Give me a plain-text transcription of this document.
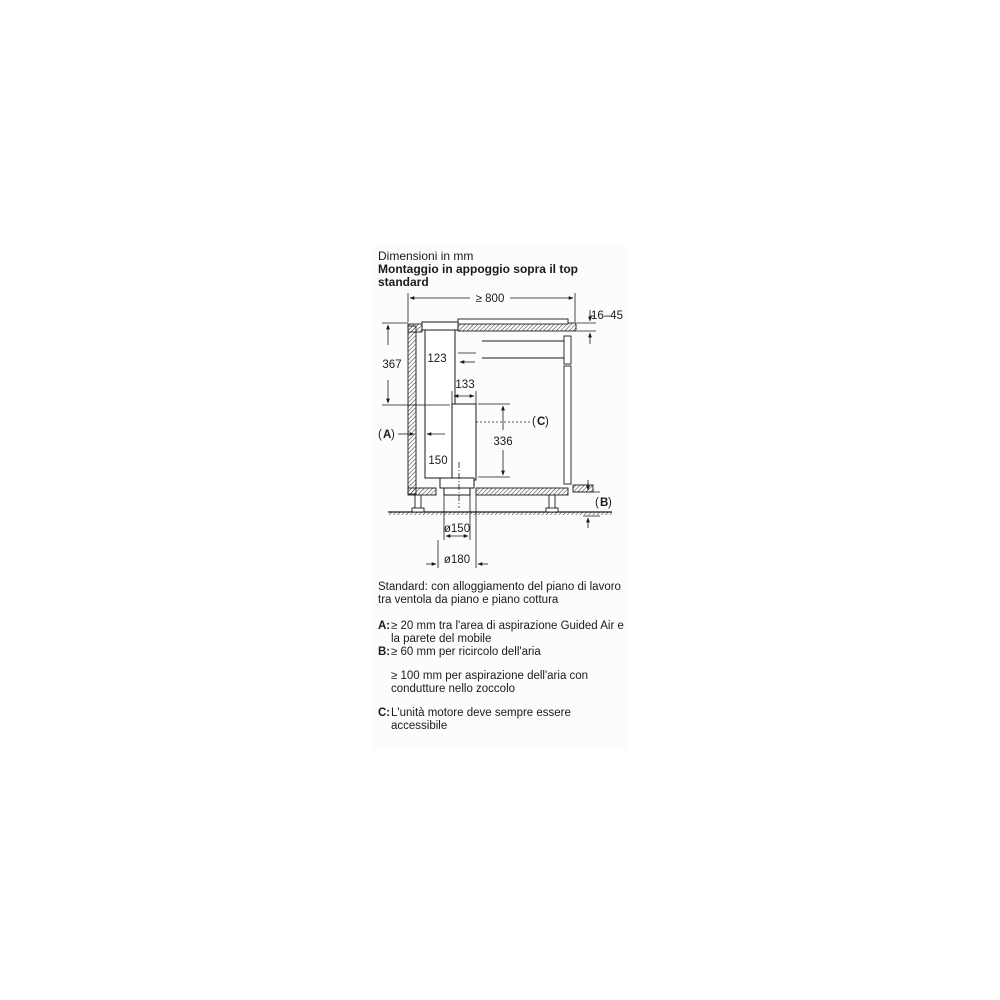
Dimensioni in mm
Montaggio in appoggio sopra il top
standard
≥ 800
16–45
367 123
133
336
( C )
( A )
150
( B )
ø150
ø180

Standard: con alloggiamento del piano di lavoro tra ventola da piano e piano cottura

A: ≥ 20 mm tra l'area di aspirazione Guided Air e la parete del mobile
B: ≥ 60 mm per ricircolo dell'aria
≥ 100 mm per aspirazione dell'aria con condutture nello zoccolo
C: L'unità motore deve sempre essere accessibile
